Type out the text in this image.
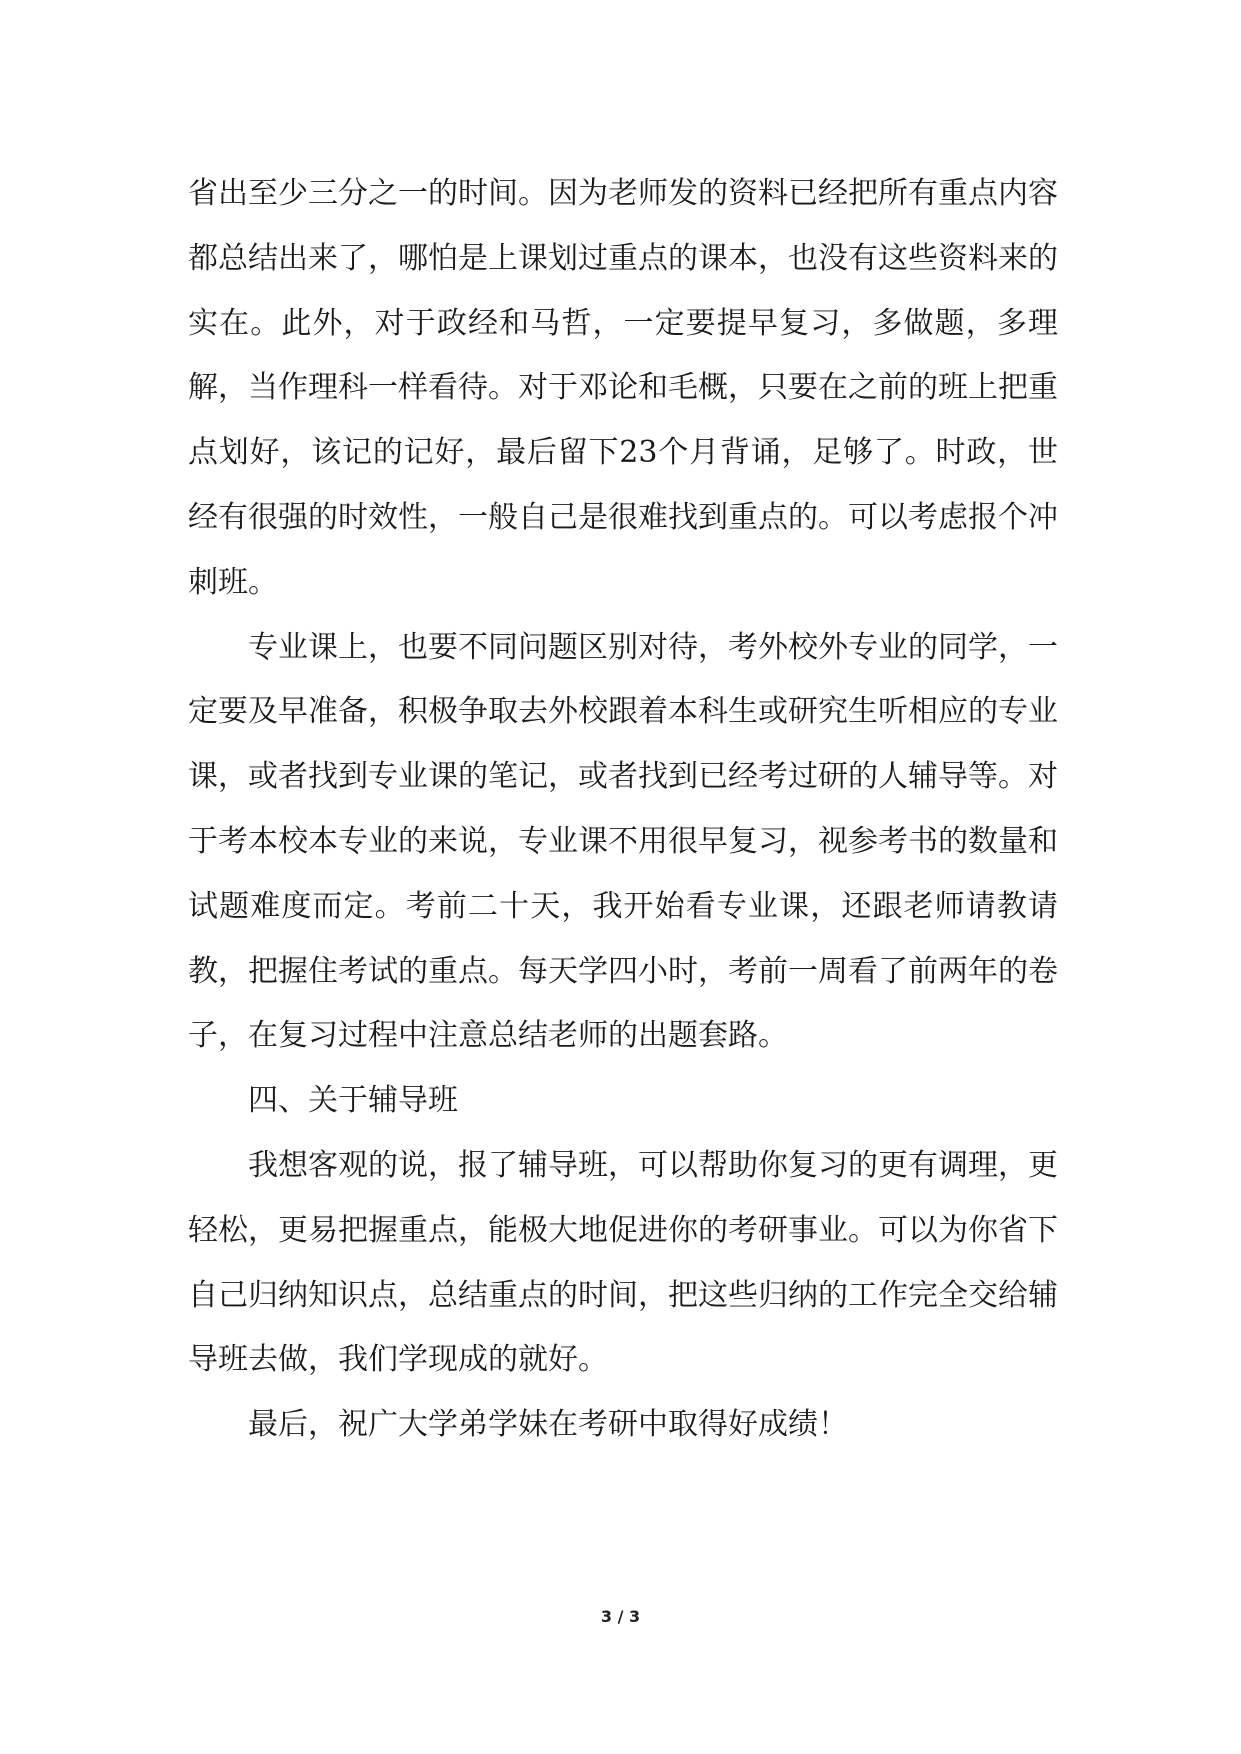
省出至少三分之一的时间。因为老师发的资料已经把所有重点内容都总结出来了，哪怕是上课划过重点的课本，也没有这些资料来的实在。此外，对于政经和马哲，一定要提早复习，多做题，多理解，当作理科一样看待。对于邓论和毛概，只要在之前的班上把重点划好，该记的记好，最后留下23个月背诵，足够了。时政，世经有很强的时效性，一般自己是很难找到重点的。可以考虑报个冲刺班。

专业课上，也要不同问题区别对待，考外校外专业的同学，一定要及早准备，积极争取去外校跟着本科生或研究生听相应的专业课，或者找到专业课的笔记，或者找到已经考过研的人辅导等。对于考本校本专业的来说，专业课不用很早复习，视参考书的数量和试题难度而定。考前二十天，我开始看专业课，还跟老师请教请教，把握住考试的重点。每天学四小时，考前一周看了前两年的卷子，在复习过程中注意总结老师的出题套路。

四、关于辅导班

我想客观的说，报了辅导班，可以帮助你复习的更有调理，更轻松，更易把握重点，能极大地促进你的考研事业。可以为你省下自己归纳知识点，总结重点的时间，把这些归纳的工作完全交给辅导班去做，我们学现成的就好。

最后，祝广大学弟学妹在考研中取得好成绩！

3 / 3
